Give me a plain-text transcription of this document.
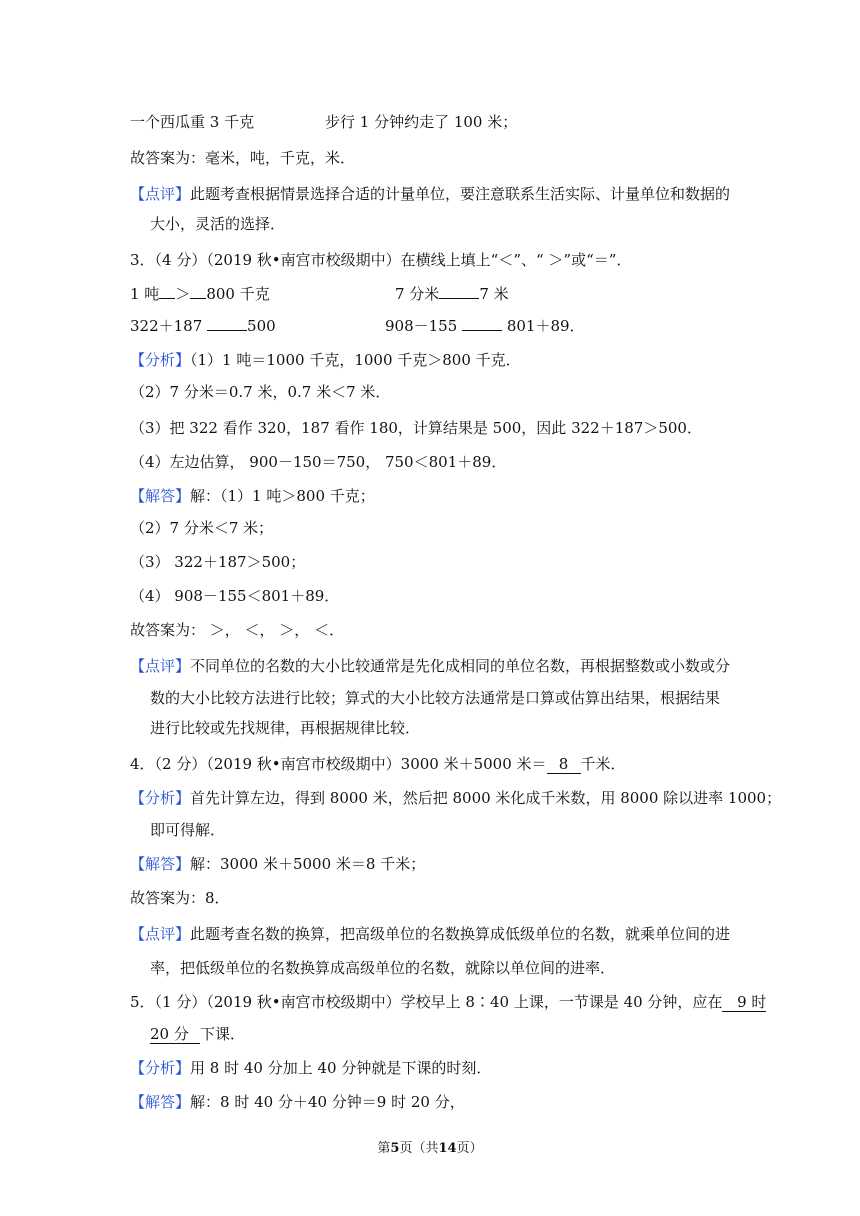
一个西瓜重 3 千克	步行 1 分钟约走了 100 米；
故答案为：毫米，吨，千克，米．
【点评】此题考查根据情景选择合适的计量单位，要注意联系生活实际、计量单位和数据的
大小，灵活的选择．
3．（4 分）（2019 秋•南宫市校级期中）在横线上填上“＜”、“ ＞”或“＝”．
1 吨 ＞ 800 千克	7 分米	7 米
322＋187	500	908－155	801＋89．
【分析】（1）1 吨＝1000 千克，1000 千克＞800 千克．
（2）7 分米＝0.7 米，0.7 米＜7 米．
（3）把 322 看作 320，187 看作 180，计算结果是 500，因此 322＋187＞500．
（4）左边估算， 900－150＝750， 750＜801＋89．
【解答】解：（1）1 吨＞800 千克；
（2）7 分米＜7 米；
（3） 322＋187＞500；
（4） 908－155＜801＋89．
故答案为： ＞， ＜， ＞， ＜．
【点评】不同单位的名数的大小比较通常是先化成相同的单位名数，再根据整数或小数或分
数的大小比较方法进行比较；算式的大小比较方法通常是口算或估算出结果，根据结果
进行比较或先找规律，再根据规律比较．
4．（2 分）（2019 秋•南宫市校级期中）3000 米＋5000 米＝ 8 千米．
【分析】首先计算左边，得到 8000 米，然后把 8000 米化成千米数，用 8000 除以进率 1000；
即可得解．
【解答】解：3000 米＋5000 米＝8 千米；
故答案为：8．
【点评】此题考查名数的换算，把高级单位的名数换算成低级单位的名数，就乘单位间的进
率，把低级单位的名数换算成高级单位的名数，就除以单位间的进率．
5．（1 分）（2019 秋•南宫市校级期中）学校早上 8∶40 上课，一节课是 40 分钟，应在 9 时
20 分 下课．
【分析】用 8 时 40 分加上 40 分钟就是下课的时刻．
【解答】解：8 时 40 分＋40 分钟＝9 时 20 分，
第5页（共14页）
